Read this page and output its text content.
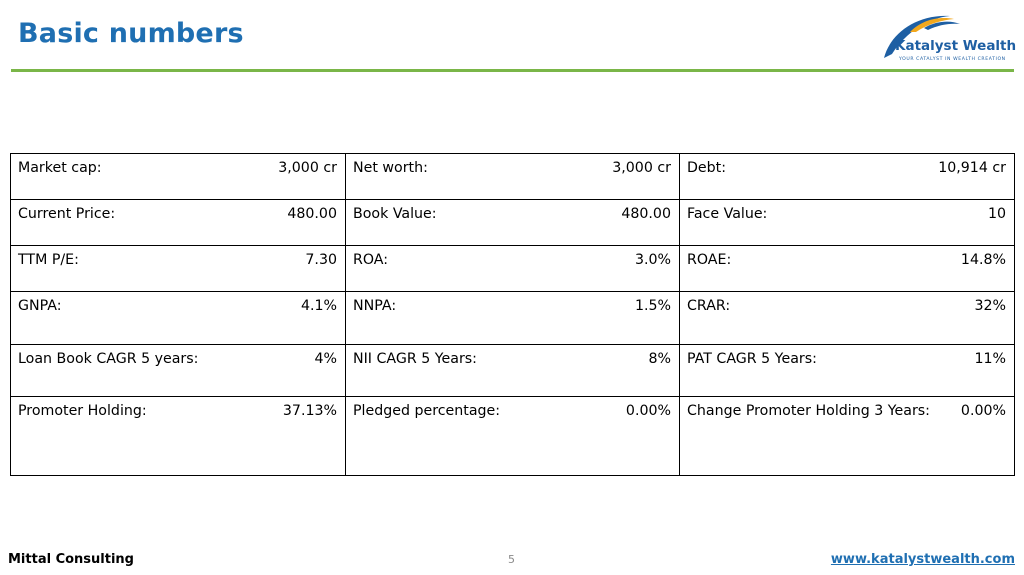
Basic numbers	Katalyst Wealth
YOUR CATALYST IN WEALTH CREATION
Market cap: 3,000 cr	Net worth: 3,000 cr	Debt: 10,914 cr

Current Price: 480.00	Book Value: 480.00	Face Value: 10

TTM P/E: 7.30	ROA: 3.0%	ROAE: 14.8%

GNPA: 4.1%	NNPA: 1.5%	CRAR: 32%

Loan Book CAGR 5 years: 4%	NII CAGR 5 Years: 8%	PAT CAGR 5 Years: 11%

Promoter Holding: 37.13%	Pledged percentage: 0.00%	Change Promoter Holding 3 Years: 0.00%
Mittal Consulting	5	www.katalystwealth.com
